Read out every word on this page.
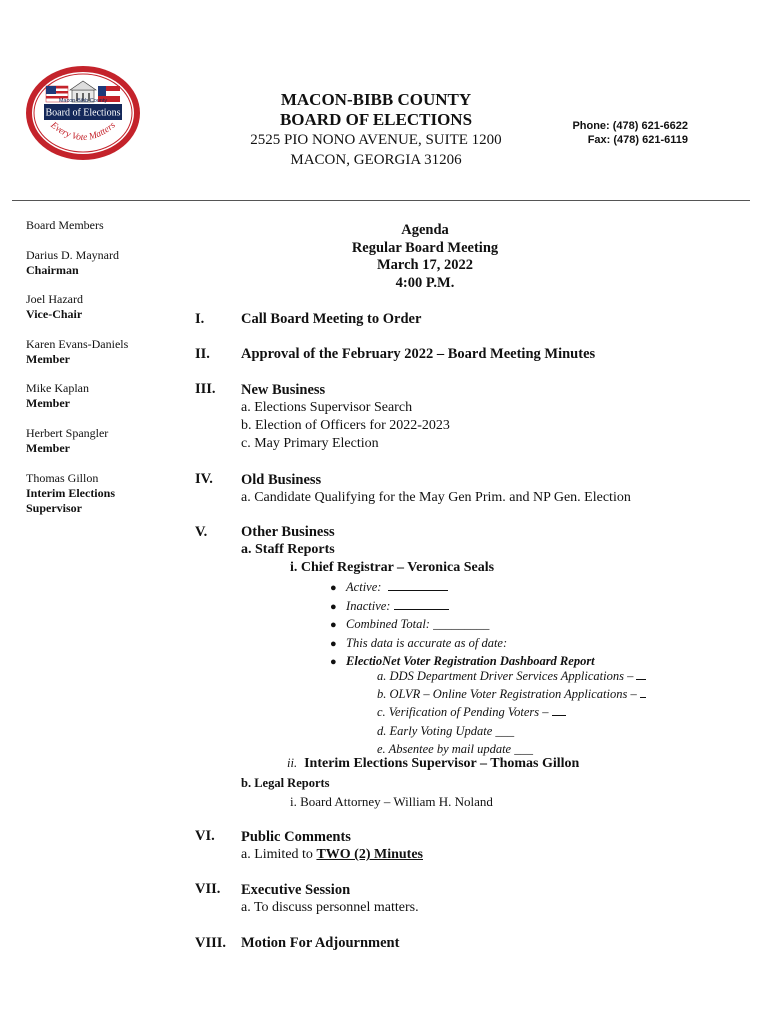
Board of Elections
Macon-Bibb County
Every Vote Matters
MACON-BIBB COUNTY
BOARD OF ELECTIONS
2525 PIO NONO AVENUE, SUITE 1200
MACON, GEORGIA 31206
Phone: (478) 621-6622
Fax: (478) 621-6119
Board Members
Darius D. Maynard
Chairman
Joel Hazard
Vice-Chair
Karen Evans-Daniels
Member
Mike Kaplan
Member
Herbert Spangler
Member
Thomas Gillon
Interim Elections Supervisor
Agenda
Regular Board Meeting
March 17, 2022
4:00 P.M.
I.	Call Board Meeting to Order
II. Approval of the February 2022 – Board Meeting Minutes
III. New Business
a. Elections Supervisor Search
b. Election of Officers for 2022-2023
c. May Primary Election
IV. Old Business
a. Candidate Qualifying for the May Gen Prim. and NP Gen. Election
V. Other Business
a. Staff Reports
i. Chief Registrar – Veronica Seals
● Active:
● Inactive:
● Combined Total: _________
● This data is accurate as of date:
● ElectioNet Voter Registration Dashboard Report
a. DDS Department Driver Services Applications –
b. OLVR – Online Voter Registration Applications –
c. Verification of Pending Voters –
d. Early Voting Update ___
e. Absentee by mail update ___
ii. Interim Elections Supervisor – Thomas Gillon
b. Legal Reports
i. Board Attorney – William H. Noland
VI. Public Comments
a. Limited to TWO (2) Minutes
VII. Executive Session
a. To discuss personnel matters.
VIII. Motion For Adjournment
